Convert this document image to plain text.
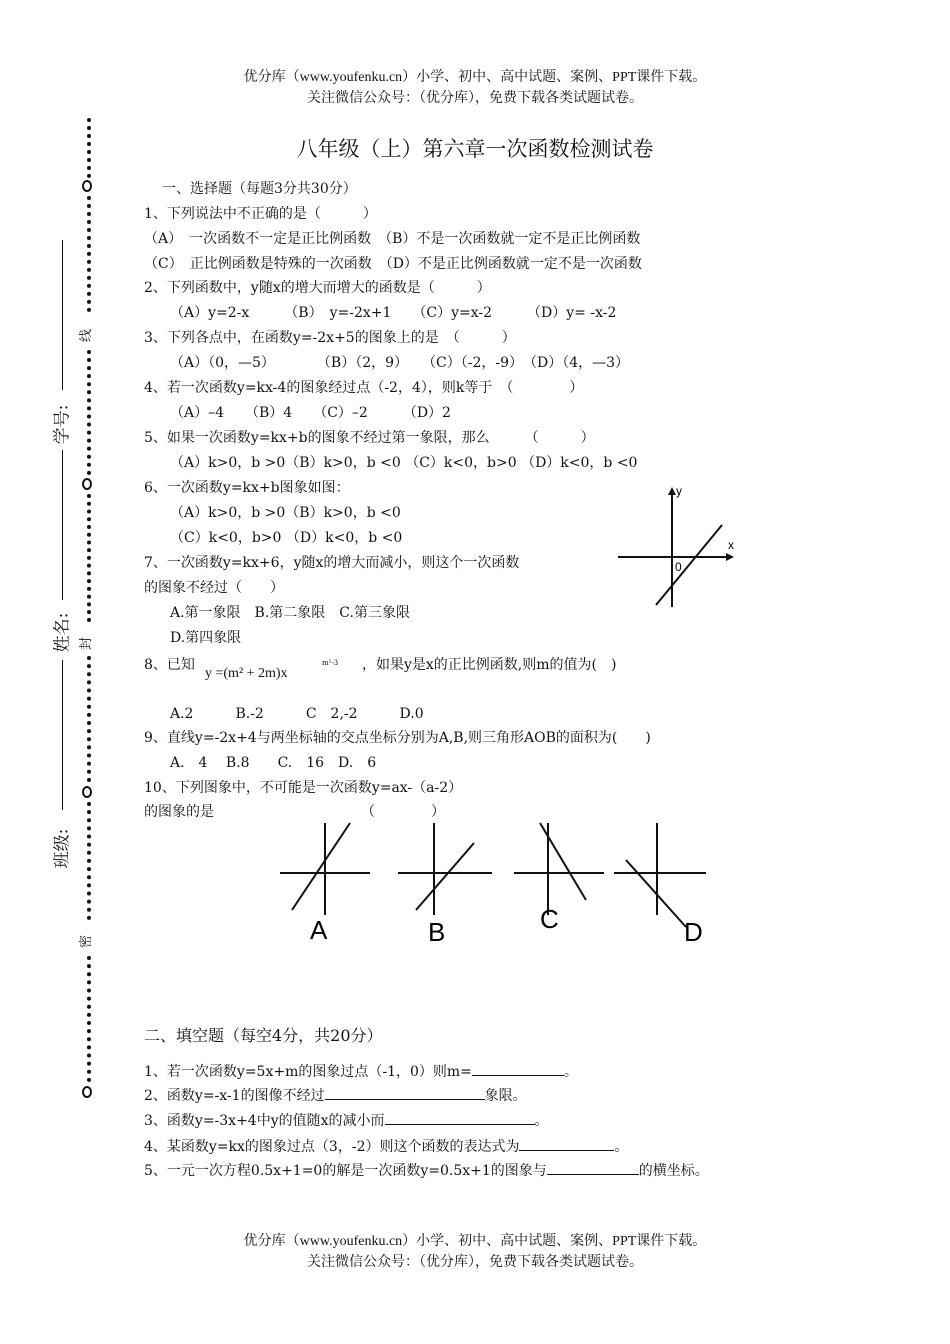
优分库（www.youfenku.cn）小学、初中、高中试题、案例、PPT课件下载。
关注微信公众号：（优分库），免费下载各类试题试卷。
线
封
密
学号:
姓名:
班级:
八年级（上）第六章一次函数检测试卷
一、选择题（每题3分共30分）
1、下列说法中不正确的是（　　　）
（A）　一次函数不一定是正比例函数　（B）不是一次函数就一定不是正比例函数
（C）　正比例函数是特殊的一次函数　（D）不是正比例函数就一定不是一次函数
2、下列函数中，y随x的增大而增大的函数是（　　　）
（A）y=2-x　　　（B）　y=-2x+1　　（C）y=x-2　　　（D）y= -x-2
3、下列各点中，在函数y=-2x+5的图象上的是　（　　　）
（A）（0，—5）　　　　（B）（2，9）　　（C）（-2，-9）　（D）（4，—3）
4、若一次函数y=kx-4的图象经过点（-2，4），则k等于　（　　　　）
（A）–4　　（B）4　　（C）–2　　　（D）2
5、如果一次函数y=kx+b的图象不经过第一象限，那么　　　（　　　）
（A）k>0，b >0（B）k>0，b <0 （C）k<0，b>0 （D）k<0，b <0
6、一次函数y=kx+b图象如图：
（A）k>0，b >0（B）k>0，b <0
（C）k<0，b>0 （D）k<0，b <0
y
x
0
7、一次函数y=kx+6，y随x的增大而减小，则这个一次函数
的图象不经过（　　）
A.第一象限　B.第二象限　C.第三象限
D.第四象限
8、已知
y =(m² + 2m)x
m²-3 ，如果y是x的正比例函数,则m的值为(　)
A.2　　　B.-2　　　C　2,-2　　　D.0
9、直线y=-2x+4与两坐标轴的交点坐标分别为A,B,则三角形AOB的面积为(　　)
A.　4　 B.8　　C.　16　D.　6
10、下列图象中，不可能是一次函数y=ax-（a-2）
的图象的是　　　　　　　　　　　（　　　　）
A	B	C	D
二、填空题（每空4分，共20分）
1、若一次函数y=5x+m的图象过点（-1，0）则m=	。
2、函数y=-x-1的图像不经过	象限。
3、函数y=-3x+4中y的值随x的减小而	。
4、某函数y=kx的图象过点（3，-2）则这个函数的表达式为	。
5、一元一次方程0.5x+1=0的解是一次函数y=0.5x+1的图象与	的横坐标。
优分库（www.youfenku.cn）小学、初中、高中试题、案例、PPT课件下载。
关注微信公众号：（优分库），免费下载各类试题试卷。
